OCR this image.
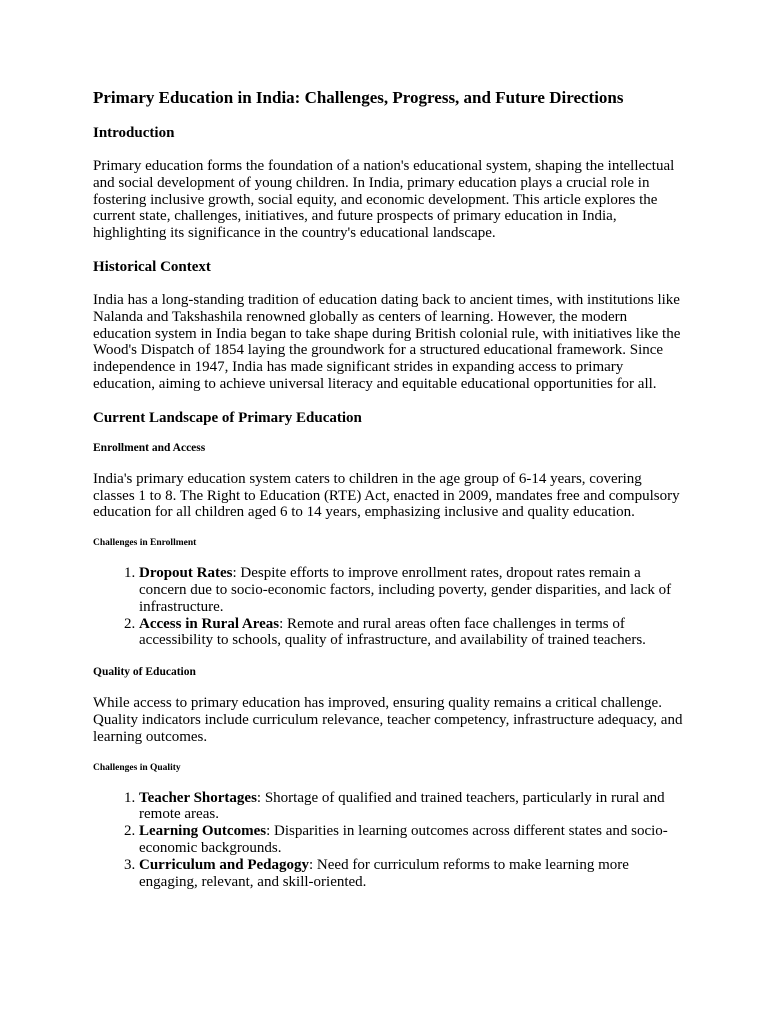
Primary Education in India: Challenges, Progress, and Future Directions
Introduction

Primary education forms the foundation of a nation's educational system, shaping the intellectual and social development of young children. In India, primary education plays a crucial role in fostering inclusive growth, social equity, and economic development. This article explores the current state, challenges, initiatives, and future prospects of primary education in India, highlighting its significance in the country's educational landscape.

Historical Context

India has a long-standing tradition of education dating back to ancient times, with institutions like Nalanda and Takshashila renowned globally as centers of learning. However, the modern education system in India began to take shape during British colonial rule, with initiatives like the Wood's Dispatch of 1854 laying the groundwork for a structured educational framework. Since independence in 1947, India has made significant strides in expanding access to primary education, aiming to achieve universal literacy and equitable educational opportunities for all.

Current Landscape of Primary Education
Enrollment and Access

India's primary education system caters to children in the age group of 6-14 years, covering classes 1 to 8. The Right to Education (RTE) Act, enacted in 2009, mandates free and compulsory education for all children aged 6 to 14 years, emphasizing inclusive and quality education.

Challenges in Enrollment
1. Dropout Rates: Despite efforts to improve enrollment rates, dropout rates remain a concern due to socio-economic factors, including poverty, gender disparities, and lack of infrastructure.
2. Access in Rural Areas: Remote and rural areas often face challenges in terms of accessibility to schools, quality of infrastructure, and availability of trained teachers.
Quality of Education

While access to primary education has improved, ensuring quality remains a critical challenge. Quality indicators include curriculum relevance, teacher competency, infrastructure adequacy, and learning outcomes.

Challenges in Quality
1. Teacher Shortages: Shortage of qualified and trained teachers, particularly in rural and remote areas.
2. Learning Outcomes: Disparities in learning outcomes across different states and socio-economic backgrounds.
3. Curriculum and Pedagogy: Need for curriculum reforms to make learning more engaging, relevant, and skill-oriented.
